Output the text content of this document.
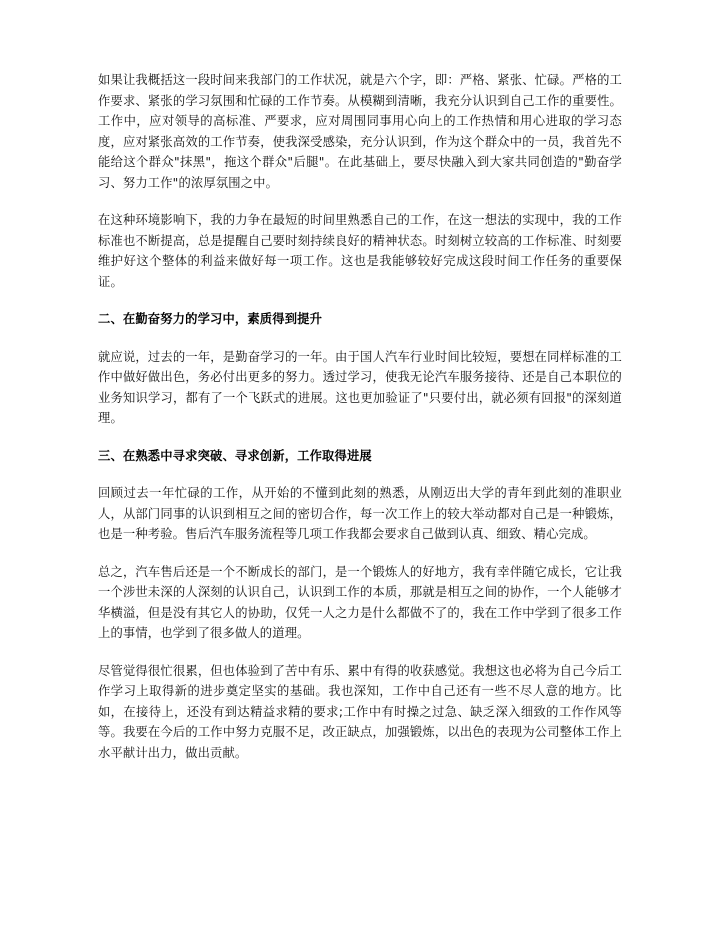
如果让我概括这一段时间来我部门的工作状况，就是六个字，即：严格、紧张、忙碌。严格的工作要求、紧张的学习氛围和忙碌的工作节奏。从模糊到清晰，我充分认识到自己工作的重要性。工作中，应对领导的高标准、严要求，应对周围同事用心向上的工作热情和用心进取的学习态度，应对紧张高效的工作节奏，使我深受感染，充分认识到，作为这个群众中的一员，我首先不能给这个群众"抹黑"，拖这个群众"后腿"。在此基础上，要尽快融入到大家共同创造的"勤奋学习、努力工作"的浓厚氛围之中。

在这种环境影响下，我的力争在最短的时间里熟悉自己的工作，在这一想法的实现中，我的工作标准也不断提高，总是提醒自己要时刻持续良好的精神状态。时刻树立较高的工作标准、时刻要维护好这个整体的利益来做好每一项工作。这也是我能够较好完成这段时间工作任务的重要保证。

二、在勤奋努力的学习中，素质得到提升

就应说，过去的一年，是勤奋学习的一年。由于国人汽车行业时间比较短，要想在同样标准的工作中做好做出色，务必付出更多的努力。透过学习，使我无论汽车服务接待、还是自己本职位的业务知识学习，都有了一个飞跃式的进展。这也更加验证了"只要付出，就必须有回报"的深刻道理。

三、在熟悉中寻求突破、寻求创新，工作取得进展

回顾过去一年忙碌的工作，从开始的不懂到此刻的熟悉，从刚迈出大学的青年到此刻的准职业人，从部门同事的认识到相互之间的密切合作，每一次工作上的较大举动都对自己是一种锻炼，也是一种考验。售后汽车服务流程等几项工作我都会要求自己做到认真、细致、精心完成。

总之，汽车售后还是一个不断成长的部门，是一个锻炼人的好地方，我有幸伴随它成长，它让我一个涉世未深的人深刻的认识自己，认识到工作的本质，那就是相互之间的协作，一个人能够才华横溢，但是没有其它人的协助，仅凭一人之力是什么都做不了的，我在工作中学到了很多工作上的事情，也学到了很多做人的道理。

尽管觉得很忙很累，但也体验到了苦中有乐、累中有得的收获感觉。我想这也必将为自己今后工作学习上取得新的进步奠定坚实的基础。我也深知，工作中自己还有一些不尽人意的地方。比如，在接待上，还没有到达精益求精的要求;工作中有时操之过急、缺乏深入细致的工作作风等等。我要在今后的工作中努力克服不足，改正缺点，加强锻炼，以出色的表现为公司整体工作上水平献计出力，做出贡献。
